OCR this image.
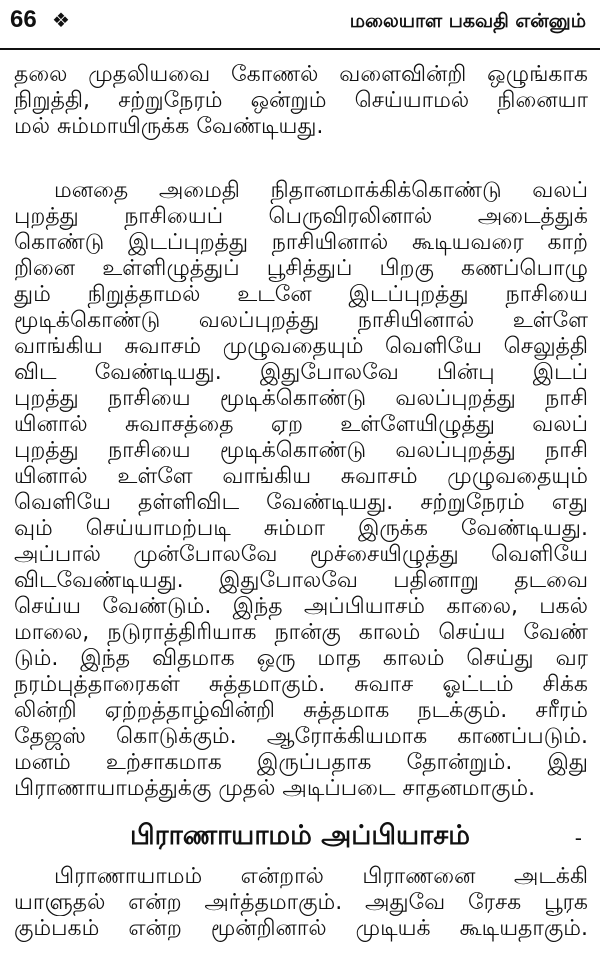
66 ❖	மலையாள பகவதி என்னும்
தலை முதலியவை கோணல் வளைவின்றி ஒழுங்காக
நிறுத்தி, சற்றுநேரம் ஒன்றும் செய்யாமல் நினையா
மல் சும்மாயிருக்க வேண்டியது.
மனதை அமைதி நிதானமாக்கிக்கொண்டு வலப்
புறத்து நாசியைப் பெருவிரலினால் அடைத்துக்
கொண்டு இடப்புறத்து நாசியினால் கூடியவரை காற்
றினை உள்ளிழுத்துப் பூசித்துப் பிறகு கணப்பொழு
தும் நிறுத்தாமல் உடனே இடப்புறத்து நாசியை
மூடிக்கொண்டு வலப்புறத்து நாசியினால் உள்ளே
வாங்கிய சுவாசம் முழுவதையும் வெளியே செலுத்தி
விட வேண்டியது. இதுபோலவே பின்பு இடப்
புறத்து நாசியை மூடிக்கொண்டு வலப்புறத்து நாசி
யினால் சுவாசத்தை ஏற உள்ளேயிழுத்து வலப்
புறத்து நாசியை மூடிக்கொண்டு வலப்புறத்து நாசி
யினால் உள்ளே வாங்கிய சுவாசம் முழுவதையும்
வெளியே தள்ளிவிட வேண்டியது. சற்றுநேரம் எது
வும் செய்யாமற்படி சும்மா இருக்க வேண்டியது.
அப்பால் முன்போலவே மூச்சையிழுத்து வெளியே
விடவேண்டியது. இதுபோலவே பதினாறு தடவை
செய்ய வேண்டும். இந்த அப்பியாசம் காலை, பகல்
மாலை, நடுராத்திரியாக நான்கு காலம் செய்ய வேண்
டும். இந்த விதமாக ஒரு மாத காலம் செய்து வர
நரம்புத்தாரைகள் சுத்தமாகும். சுவாச ஓட்டம் சிக்க
லின்றி ஏற்றத்தாழ்வின்றி சுத்தமாக நடக்கும். சரீரம்
தேஜஸ் கொடுக்கும். ஆரோக்கியமாக காணப்படும்.
மனம் உற்சாகமாக இருப்பதாக தோன்றும். இது
பிராணாயாமத்துக்கு முதல் அடிப்படை சாதனமாகும்.
பிராணாயாமம் அப்பியாசம்	-
பிராணாயாமம் என்றால் பிராணனை அடக்கி
யாளுதல் என்ற அர்த்தமாகும். அதுவே ரேசக பூரக
கும்பகம் என்ற மூன்றினால் முடியக் கூடியதாகும்.
